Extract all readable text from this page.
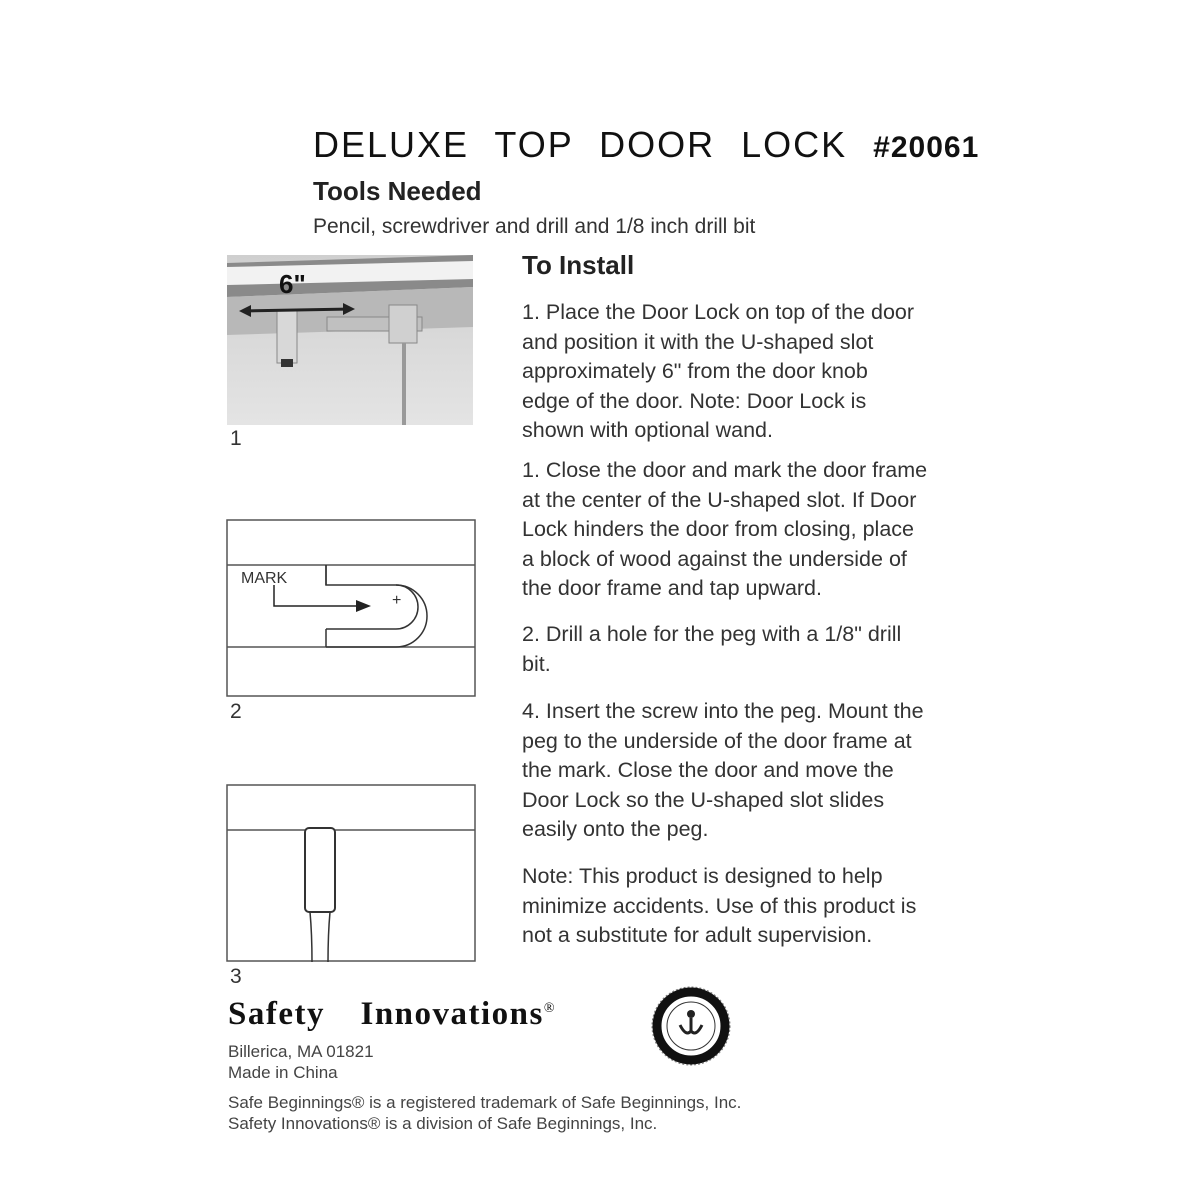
DELUXE TOP DOOR LOCK #20061
Tools Needed
Pencil, screwdriver and drill and 1/8 inch drill bit
To Install
1. Place the Door Lock on top of the door
and position it with the U-shaped slot
approximately 6" from the door knob
edge of the door. Note: Door Lock is
shown with optional wand.
1. Close the door and mark the door frame
at the center of the U-shaped slot. If Door
Lock hinders the door from closing, place
a block of wood against the underside of
the door frame and tap upward.
2. Drill a hole for the peg with a 1/8" drill
bit.
4. Insert the screw into the peg. Mount the
peg to the underside of the door frame at
the mark. Close the door and move the
Door Lock so the U-shaped slot slides
easily onto the peg.
Note: This product is designed to help
minimize accidents. Use of this product is
not a substitute for adult supervision.
6"
1
+
MARK
2
3
Safety  Innovations®
Billerica, MA 01821
Made in China
Safe Beginnings® is a registered trademark of Safe Beginnings, Inc.
Safety Innovations® is a division of Safe Beginnings, Inc.
